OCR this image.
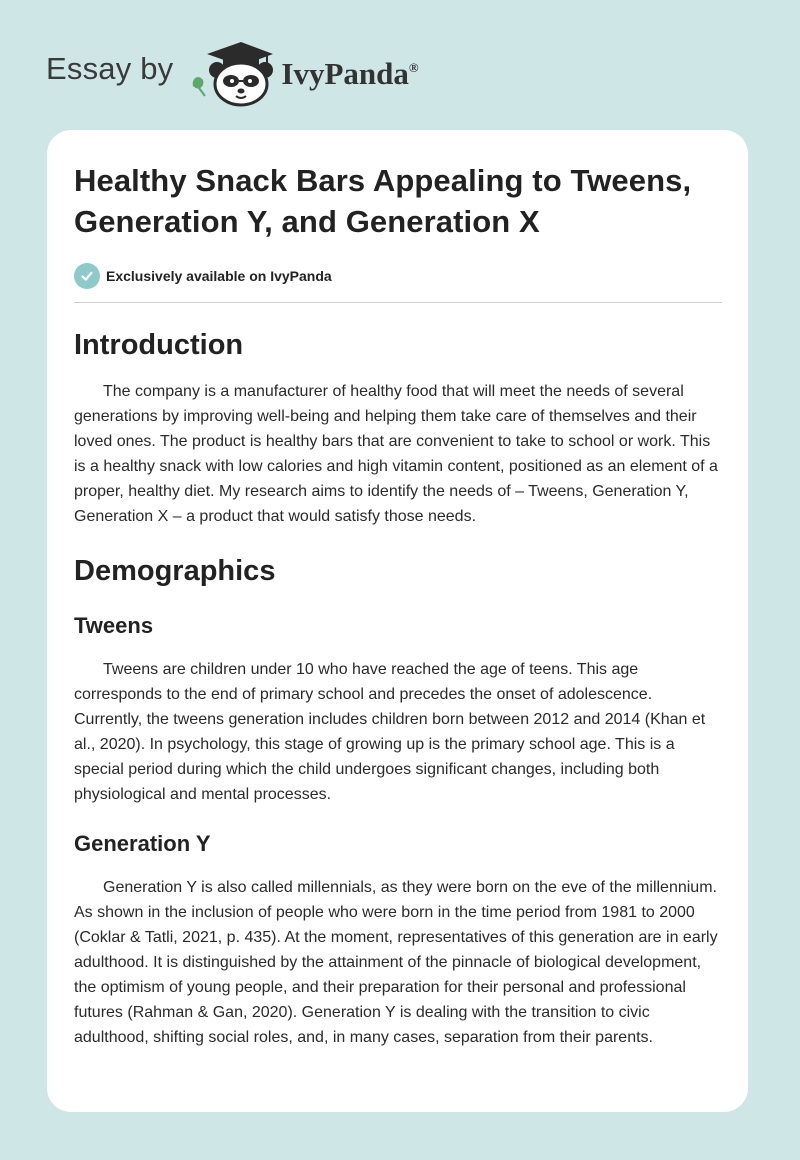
Essay by	IvyPanda®
Healthy Snack Bars Appealing to Tweens, Generation Y, and Generation X
Exclusively available on IvyPanda
Introduction

The company is a manufacturer of healthy food that will meet the needs of several generations by improving well-being and helping them take care of themselves and their loved ones. The product is healthy bars that are convenient to take to school or work. This is a healthy snack with low calories and high vitamin content, positioned as an element of a proper, healthy diet. My research aims to identify the needs of – Tweens, Generation Y, Generation X – a product that would satisfy those needs.

Demographics
Tweens

Tweens are children under 10 who have reached the age of teens. This age corresponds to the end of primary school and precedes the onset of adolescence. Currently, the tweens generation includes children born between 2012 and 2014 (Khan et al., 2020). In psychology, this stage of growing up is the primary school age. This is a special period during which the child undergoes significant changes, including both physiological and mental processes.

Generation Y

Generation Y is also called millennials, as they were born on the eve of the millennium. As shown in the inclusion of people who were born in the time period from 1981 to 2000 (Coklar & Tatli, 2021, p. 435). At the moment, representatives of this generation are in early adulthood. It is distinguished by the attainment of the pinnacle of biological development, the optimism of young people, and their preparation for their personal and professional futures (Rahman & Gan, 2020). Generation Y is dealing with the transition to civic adulthood, shifting social roles, and, in many cases, separation from their parents.
